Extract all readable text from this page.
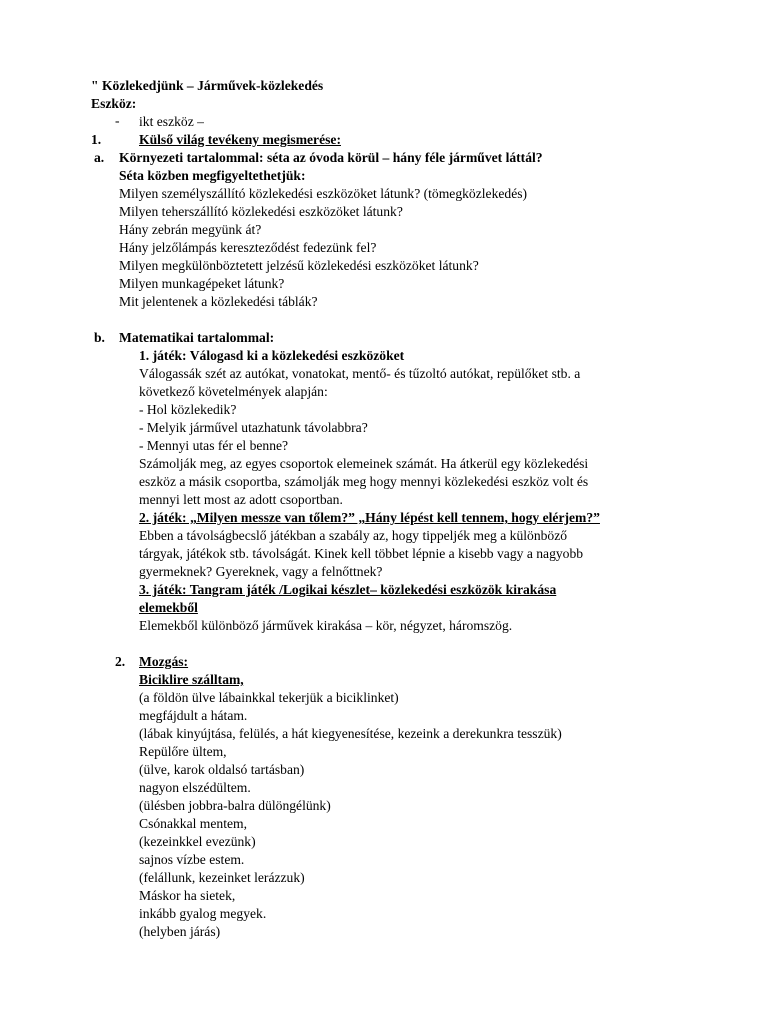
" Közlekedjünk – Járművek-közlekedés
Eszköz:
- ikt eszköz –
1.	Külső világ tevékeny megismerése:
a. Környezeti tartalommal: séta az óvoda körül – hány féle járművet láttál?
Séta közben megfigyeltethetjük:
Milyen személyszállító közlekedési eszközöket látunk? (tömegközlekedés)
Milyen teherszállító közlekedési eszközöket látunk?
Hány zebrán megyünk át?
Hány jelzőlámpás kereszteződést fedezünk fel?
Milyen megkülönböztetett jelzésű közlekedési eszközöket látunk?
Milyen munkagépeket látunk?
Mit jelentenek a közlekedési táblák?
b. Matematikai tartalommal:
1. játék: Válogasd ki a közlekedési eszközöket
Válogassák szét az autókat, vonatokat, mentő- és tűzoltó autókat, repülőket stb. a
következő követelmények alapján:
- Hol közlekedik?
- Melyik járművel utazhatunk távolabbra?
- Mennyi utas fér el benne?
Számolják meg, az egyes csoportok elemeinek számát. Ha átkerül egy közlekedési
eszköz a másik csoportba, számolják meg hogy mennyi közlekedési eszköz volt és
mennyi lett most az adott csoportban.
2. játék: „Milyen messze van tőlem?” „Hány lépést kell tennem, hogy elérjem?”
Ebben a távolságbecslő játékban a szabály az, hogy tippeljék meg a különböző
tárgyak, játékok stb. távolságát. Kinek kell többet lépnie a kisebb vagy a nagyobb
gyermeknek? Gyereknek, vagy a felnőttnek?
3. játék: Tangram játék /Logikai készlet– közlekedési eszközök kirakása
elemekből
Elemekből különböző járművek kirakása – kör, négyzet, háromszög.
2. Mozgás:
Biciklire szálltam,
(a földön ülve lábainkkal tekerjük a biciklinket)
megfájdult a hátam.
(lábak kinyújtása, felülés, a hát kiegyenesítése, kezeink a derekunkra tesszük)
Repülőre ültem,
(ülve, karok oldalsó tartásban)
nagyon elszédültem.
(ülésben jobbra-balra dülöngélünk)
Csónakkal mentem,
(kezeinkkel evezünk)
sajnos vízbe estem.
(felállunk, kezeinket lerázzuk)
Máskor ha sietek,
inkább gyalog megyek.
(helyben járás)
